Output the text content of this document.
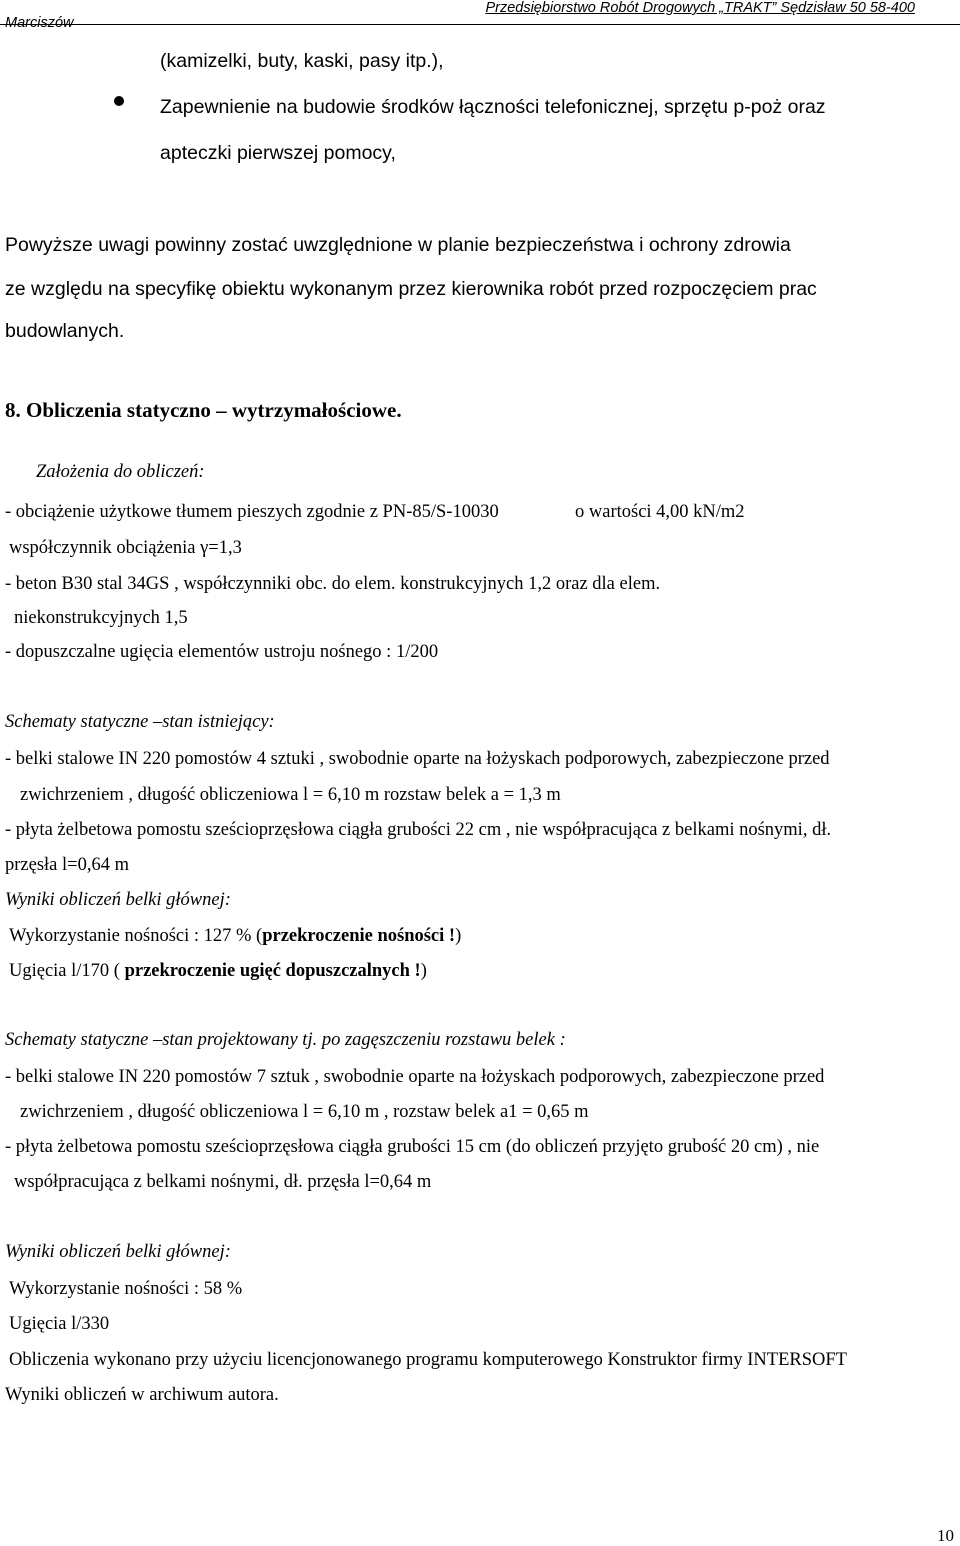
Marciszów
Przedsiębiorstwo Robót Drogowych „TRAKT” Sędzisław 50 58-400
(kamizelki, buty, kaski, pasy itp.),
Zapewnienie na budowie środków łączności telefonicznej, sprzętu p-poż oraz
apteczki pierwszej pomocy,
Powyższe uwagi powinny zostać uwzględnione w planie bezpieczeństwa i ochrony zdrowia
ze względu na specyfikę obiektu wykonanym przez kierownika robót przed rozpoczęciem prac
budowlanych.
8. Obliczenia statyczno – wytrzymałościowe.
Założenia do obliczeń:
- obciążenie użytkowe tłumem pieszych zgodnie z PN-85/S-10030	o wartości 4,00 kN/m2
współczynnik obciążenia γ=1,3
- beton B30 stal 34GS , współczynniki obc. do elem. konstrukcyjnych 1,2 oraz dla elem.
niekonstrukcyjnych 1,5
- dopuszczalne ugięcia elementów ustroju nośnego : 1/200
Schematy statyczne –stan istniejący:
- belki stalowe IN 220 pomostów 4 sztuki , swobodnie oparte na łożyskach podporowych, zabezpieczone przed
zwichrzeniem , długość obliczeniowa l = 6,10 m rozstaw belek a = 1,3 m
- płyta żelbetowa pomostu sześcioprzęsłowa ciągła grubości 22 cm , nie współpracująca z belkami nośnymi, dł.
przęsła l=0,64 m
Wyniki obliczeń belki głównej:
Wykorzystanie nośności : 127 % (przekroczenie nośności !)
Ugięcia l/170 ( przekroczenie ugięć dopuszczalnych !)
Schematy statyczne –stan projektowany tj. po zagęszczeniu rozstawu belek :
- belki stalowe IN 220 pomostów 7 sztuk , swobodnie oparte na łożyskach podporowych, zabezpieczone przed
zwichrzeniem , długość obliczeniowa l = 6,10 m , rozstaw belek a1 = 0,65 m
- płyta żelbetowa pomostu sześcioprzęsłowa ciągła grubości 15 cm (do obliczeń przyjęto grubość 20 cm) , nie
współpracująca z belkami nośnymi, dł. przęsła l=0,64 m
Wyniki obliczeń belki głównej:
Wykorzystanie nośności : 58 %
Ugięcia l/330
Obliczenia wykonano przy użyciu licencjonowanego programu komputerowego Konstruktor firmy INTERSOFT
Wyniki obliczeń w archiwum autora.
10
